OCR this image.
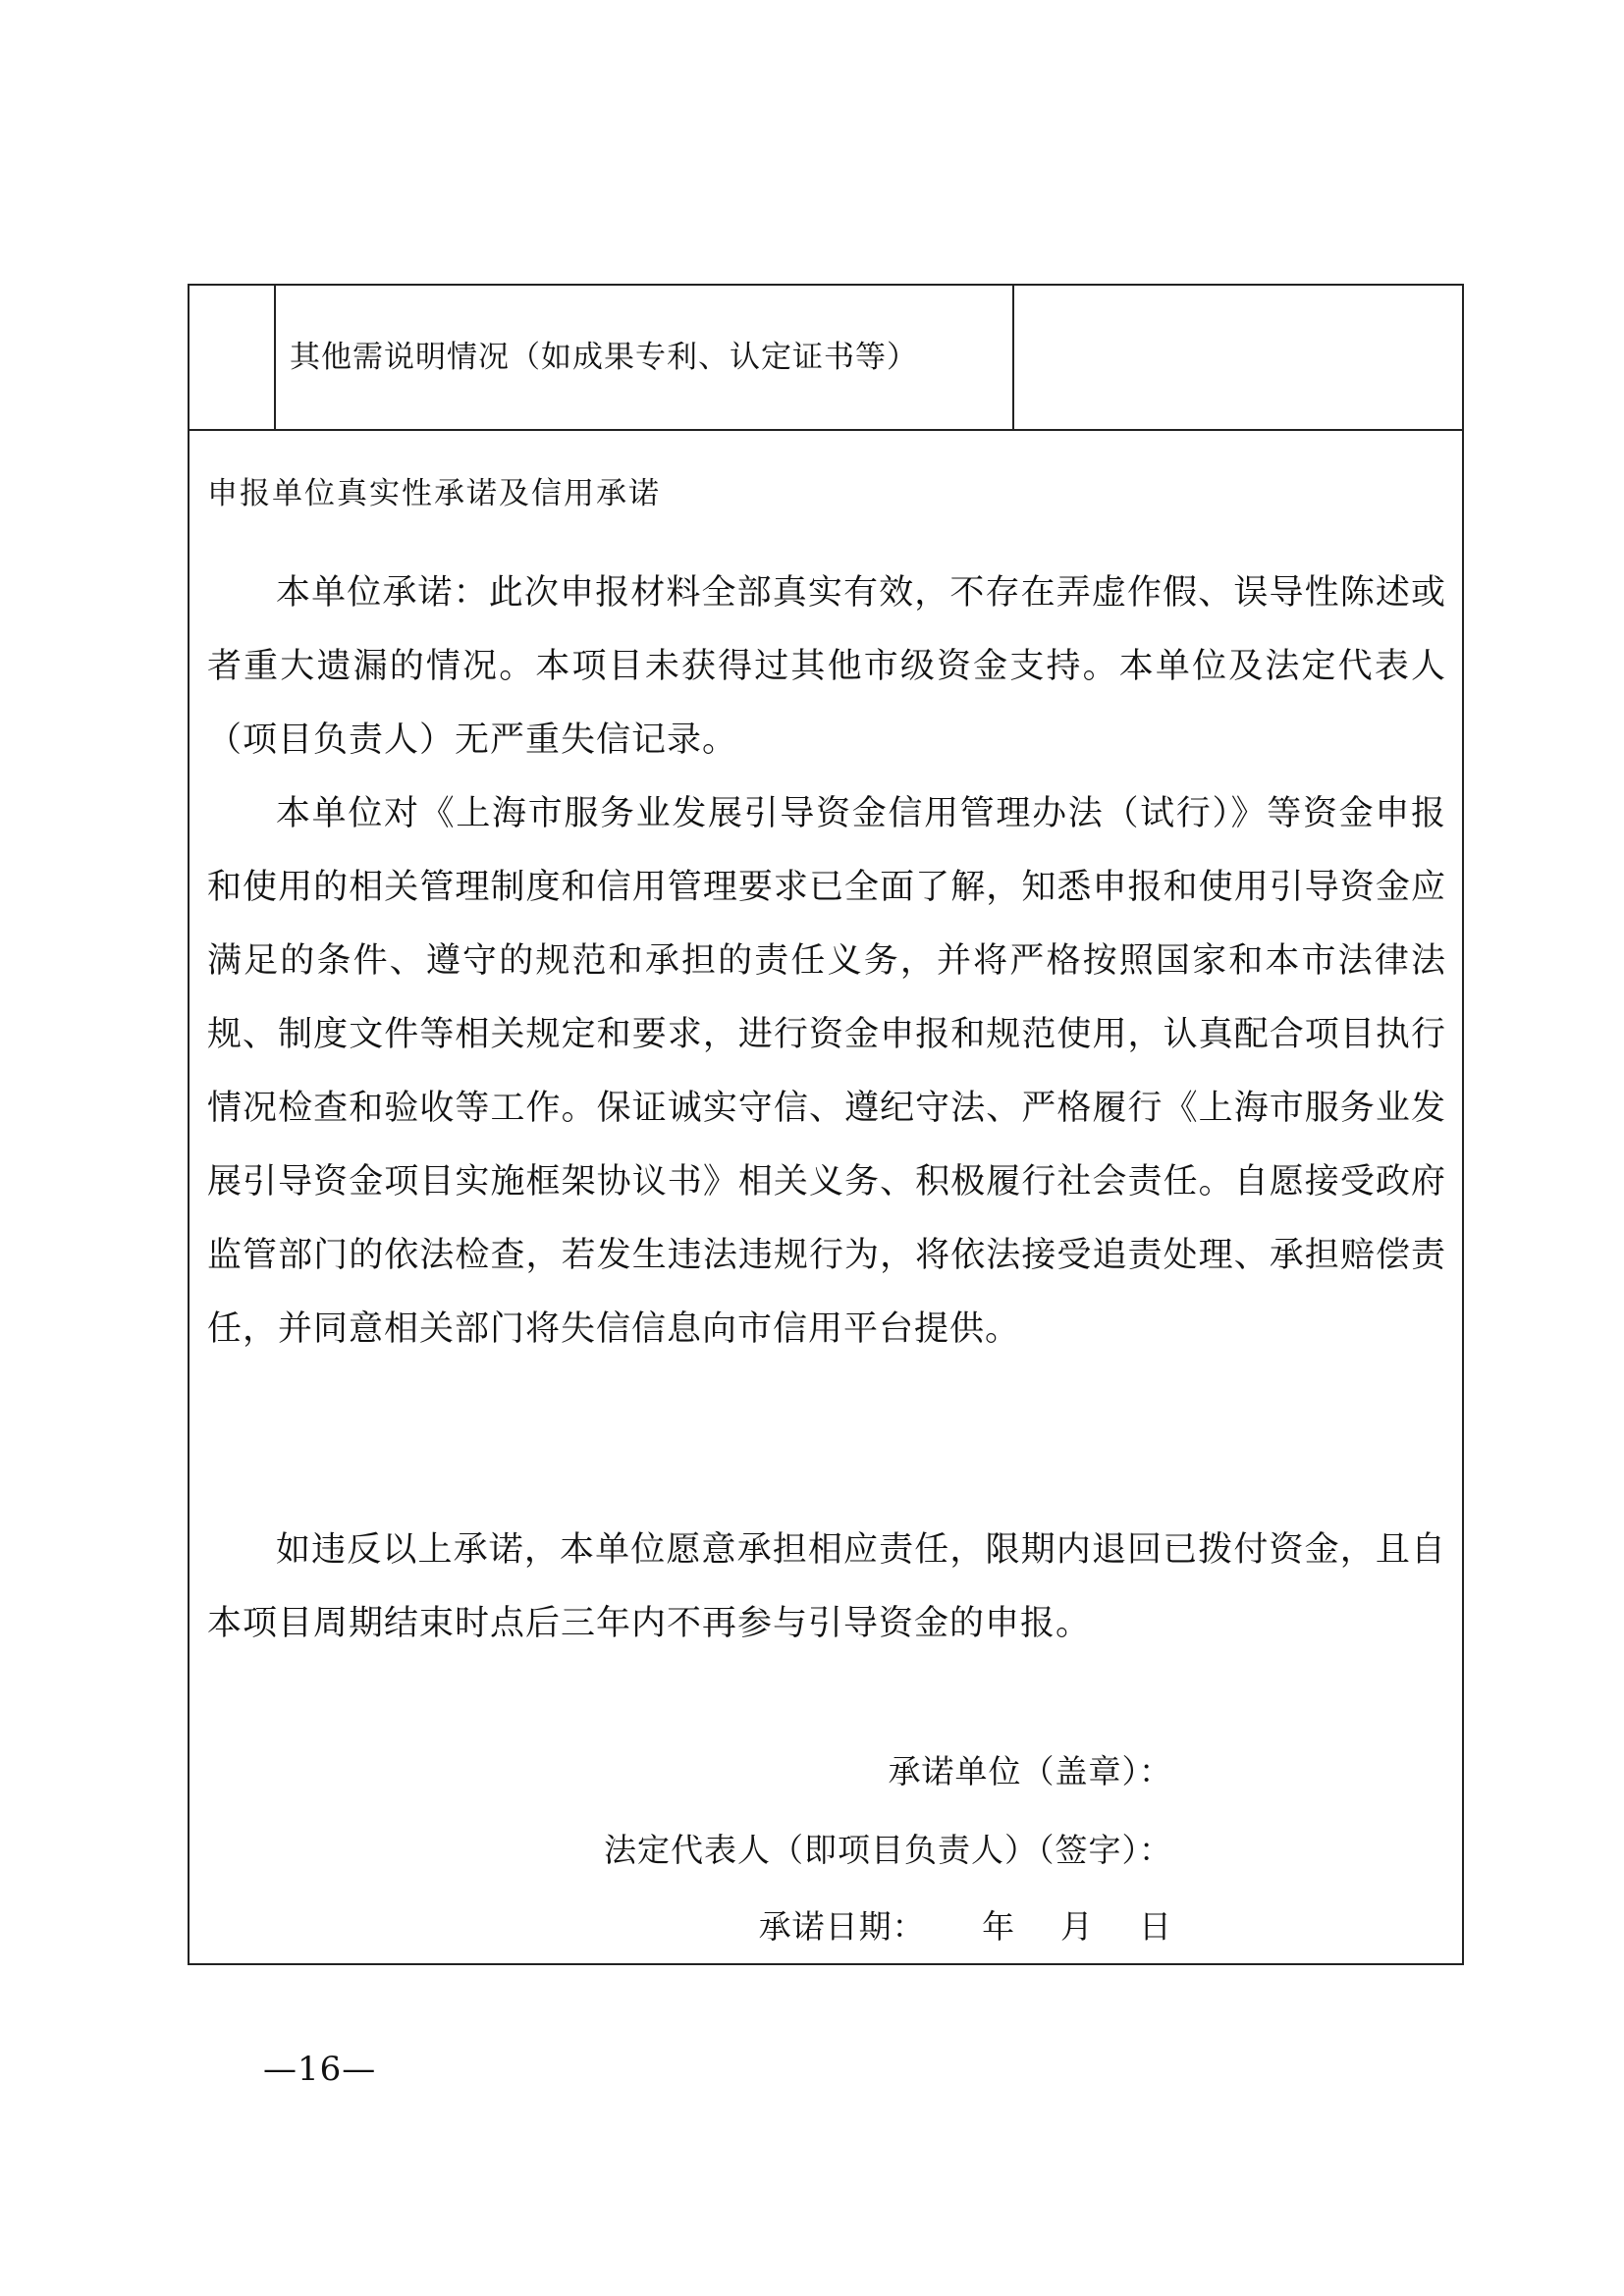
其他需说明情况（如成果专利、认定证书等）
申报单位真实性承诺及信用承诺

本单位承诺：此次申报材料全部真实有效，不存在弄虚作假、误导性陈述或者重大遗漏的情况。本项目未获得过其他市级资金支持。本单位及法定代表人（项目负责人）无严重失信记录。

本单位对《上海市服务业发展引导资金信用管理办法（试行）》等资金申报和使用的相关管理制度和信用管理要求已全面了解，知悉申报和使用引导资金应满足的条件、遵守的规范和承担的责任义务，并将严格按照国家和本市法律法规、制度文件等相关规定和要求，进行资金申报和规范使用，认真配合项目执行情况检查和验收等工作。保证诚实守信、遵纪守法、严格履行《上海市服务业发展引导资金项目实施框架协议书》相关义务、积极履行社会责任。自愿接受政府监管部门的依法检查，若发生违法违规行为，将依法接受追责处理、承担赔偿责任，并同意相关部门将失信信息向市信用平台提供。

如违反以上承诺，本单位愿意承担相应责任，限期内退回已拨付资金，且自本项目周期结束时点后三年内不再参与引导资金的申报。

承诺单位（盖章）：
法定代表人（即项目负责人）（签字）：
承诺日期：     年    月    日
—16—
